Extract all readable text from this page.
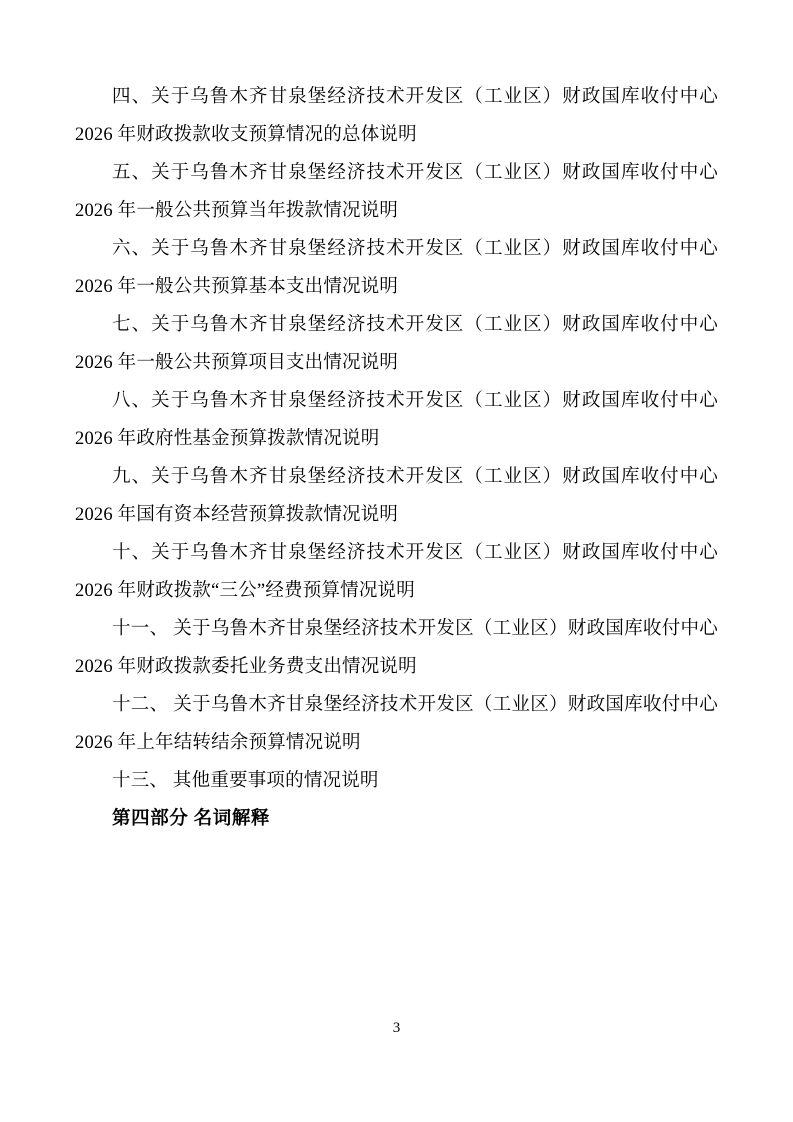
四、关于乌鲁木齐甘泉堡经济技术开发区（工业区）财政国库收付中心 2026 年财政拨款收支预算情况的总体说明

五、关于乌鲁木齐甘泉堡经济技术开发区（工业区）财政国库收付中心 2026 年一般公共预算当年拨款情况说明

六、关于乌鲁木齐甘泉堡经济技术开发区（工业区）财政国库收付中心 2026 年一般公共预算基本支出情况说明

七、关于乌鲁木齐甘泉堡经济技术开发区（工业区）财政国库收付中心 2026 年一般公共预算项目支出情况说明

八、关于乌鲁木齐甘泉堡经济技术开发区（工业区）财政国库收付中心 2026 年政府性基金预算拨款情况说明

九、关于乌鲁木齐甘泉堡经济技术开发区（工业区）财政国库收付中心 2026 年国有资本经营预算拨款情况说明

十、关于乌鲁木齐甘泉堡经济技术开发区（工业区）财政国库收付中心 2026 年财政拨款“三公”经费预算情况说明

十一、 关于乌鲁木齐甘泉堡经济技术开发区（工业区）财政国库收付中心 2026 年财政拨款委托业务费支出情况说明

十二、 关于乌鲁木齐甘泉堡经济技术开发区（工业区）财政国库收付中心 2026 年上年结转结余预算情况说明

十三、 其他重要事项的情况说明

第四部分 名词解释

3
